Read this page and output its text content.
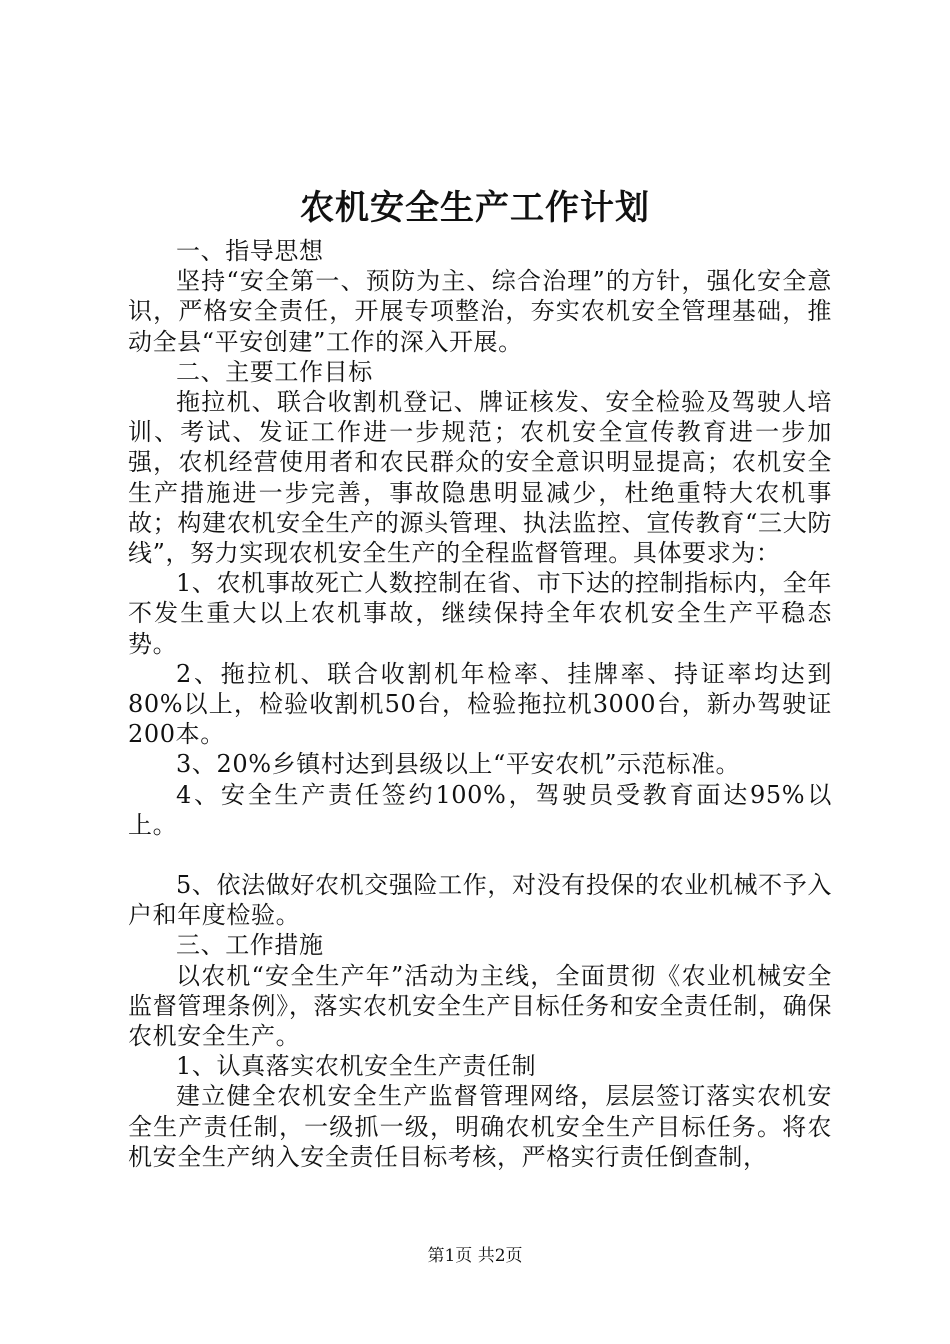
农机安全生产工作计划

一、指导思想

坚持“安全第一、预防为主、综合治理”的方针，强化安全意识，严格安全责任，开展专项整治，夯实农机安全管理基础，推动全县“平安创建”工作的深入开展。

二、主要工作目标

拖拉机、联合收割机登记、牌证核发、安全检验及驾驶人培训、考试、发证工作进一步规范；农机安全宣传教育进一步加强，农机经营使用者和农民群众的安全意识明显提高；农机安全生产措施进一步完善，事故隐患明显减少，杜绝重特大农机事故；构建农机安全生产的源头管理、执法监控、宣传教育“三大防线”，努力实现农机安全生产的全程监督管理。具体要求为：

1、农机事故死亡人数控制在省、市下达的控制指标内，全年不发生重大以上农机事故，继续保持全年农机安全生产平稳态势。

2、拖拉机、联合收割机年检率、挂牌率、持证率均达到80%以上，检验收割机50台，检验拖拉机3000台，新办驾驶证200本。

3、20%乡镇村达到县级以上“平安农机”示范标准。

4、安全生产责任签约100%，驾驶员受教育面达95%以上。

5、依法做好农机交强险工作，对没有投保的农业机械不予入户和年度检验。

三、工作措施

以农机“安全生产年”活动为主线，全面贯彻《农业机械安全监督管理条例》，落实农机安全生产目标任务和安全责任制，确保农机安全生产。

1、认真落实农机安全生产责任制

建立健全农机安全生产监督管理网络，层层签订落实农机安全生产责任制，一级抓一级，明确农机安全生产目标任务。将农机安全生产纳入安全责任目标考核，严格实行责任倒查制，

第1页 共2页
